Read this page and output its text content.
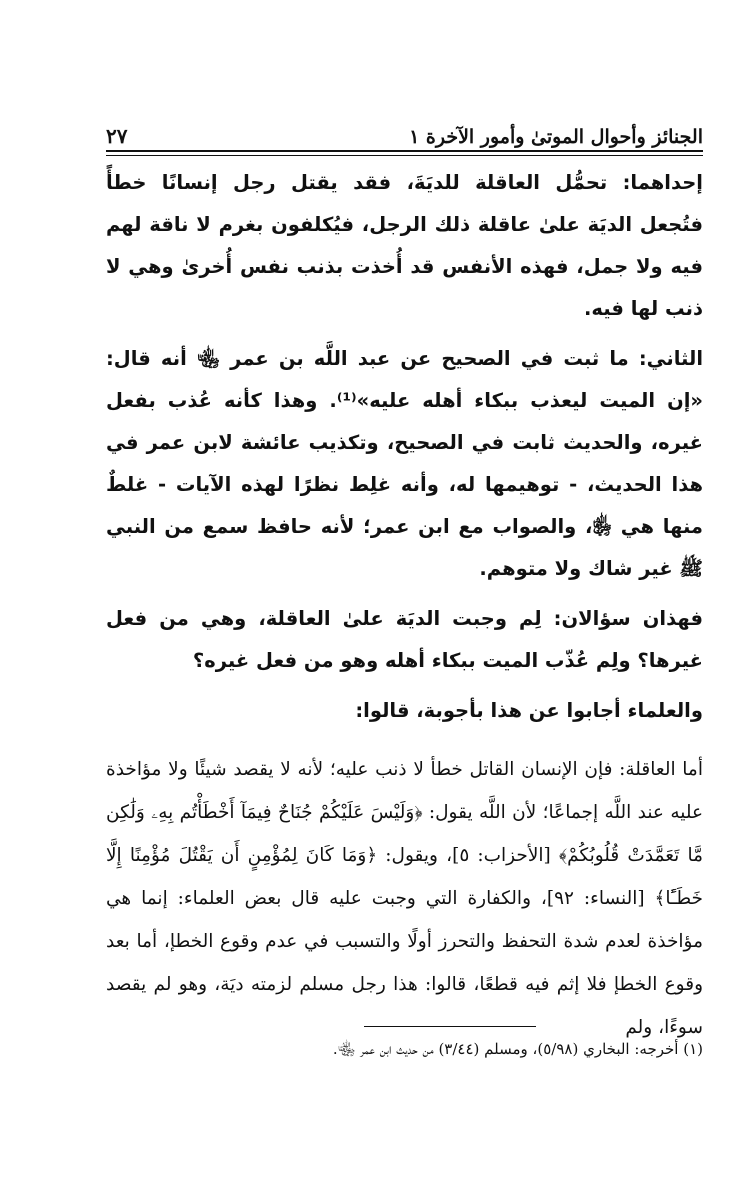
الجنائز وأحوال الموتىٰ وأمور الآخرة ١
٢٧

إحداهما: تحمُّل العاقلة للديَةَ، فقد يقتل رجل إنسانًا خطأً فتُجعل الديَة علىٰ عاقلة ذلك الرجل، فيُكلفون بغرم لا ناقة لهم فيه ولا جمل، فهذه الأنفس قد أُخذت بذنب نفس أُخرىٰ وهي لا ذنب لها فيه.

الثاني: ما ثبت في الصحيح عن عبد اللَّه بن عمر ﵄ أنه قال: «إن الميت ليعذب ببكاء أهله عليه»⁽¹⁾. وهذا كأنه عُذب بفعل غيره، والحديث ثابت في الصحيح، وتكذيب عائشة لابن عمر في هذا الحديث، - توهيمها له، وأنه غلِط نظرًا لهذه الآيات - غلطٌ منها هي ﵂، والصواب مع ابن عمر؛ لأنه حافظ سمع من النبي ﷺ غير شاك ولا متوهم.

فهذان سؤالان: لِم وجبت الديَة علىٰ العاقلة، وهي من فعل غيرها؟ ولِم عُذّب الميت ببكاء أهله وهو من فعل غيره؟

والعلماء أجابوا عن هذا بأجوبة، قالوا:

أما العاقلة: فإن الإنسان القاتل خطأ لا ذنب عليه؛ لأنه لا يقصد شيئًا ولا مؤاخذة عليه عند اللَّه إجماعًا؛ لأن اللَّه يقول: ﴿وَلَيْسَ عَلَيْكُمْ جُنَاحٌ فِيمَآ أَخْطَأْتُم بِهِۦ وَلَٰكِن مَّا تَعَمَّدَتْ قُلُوبُكُمْ﴾ [الأحزاب: ٥]، ويقول: ﴿وَمَا كَانَ لِمُؤْمِنٍ أَن يَقْتُلَ مُؤْمِنًا إِلَّا خَطَـًٔا﴾ [النساء: ٩٢]، والكفارة التي وجبت عليه قال بعض العلماء: إنما هي مؤاخذة لعدم شدة التحفظ والتحرز أولًا والتسبب في عدم وقوع الخطإ، أما بعد وقوع الخطإ فلا إثم فيه قطعًا، قالوا: هذا رجل مسلم لزمته ديَة، وهو لم يقصد سوءًا، ولم

(١) أخرجه: البخاري (٥/٩٨)، ومسلم (٣/٤٤) من حديث ابن عمر ﵄.
